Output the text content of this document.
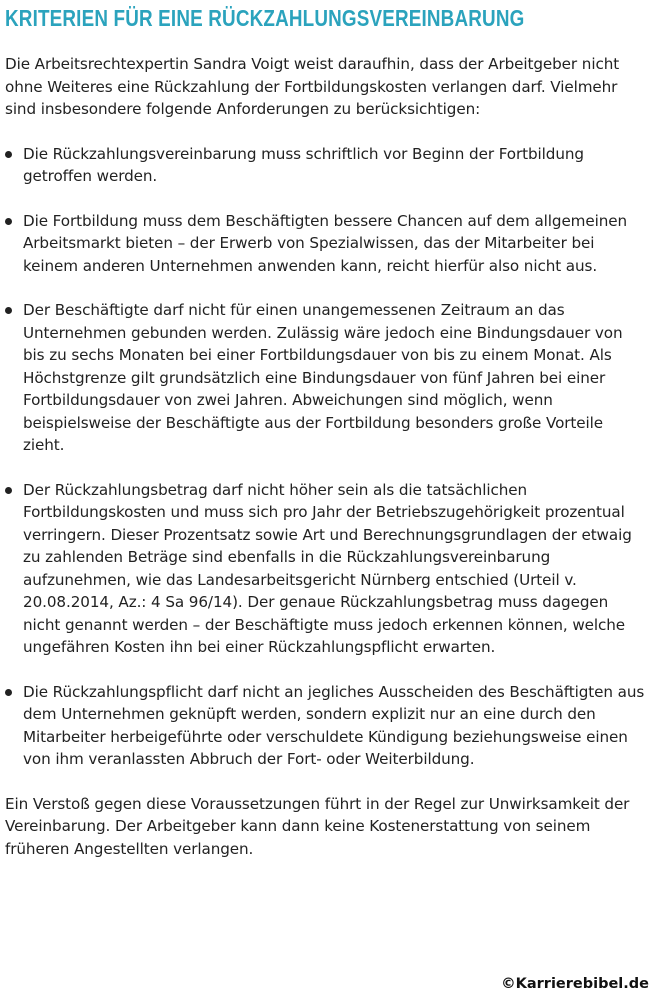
KRITERIEN FÜR EINE RÜCKZAHLUNGSVEREINBARUNG

Die Arbeitsrechtexpertin Sandra Voigt weist daraufhin, dass der Arbeitgeber nicht ohne Weiteres eine Rückzahlung der Fortbildungskosten verlangen darf. Vielmehr sind insbesondere folgende Anforderungen zu berücksichtigen:

Die Rückzahlungsvereinbarung muss schriftlich vor Beginn der Fortbildung getroffen werden.
Die Fortbildung muss dem Beschäftigten bessere Chancen auf dem allgemeinen Arbeitsmarkt bieten – der Erwerb von Spezialwissen, das der Mitarbeiter bei keinem anderen Unternehmen anwenden kann, reicht hierfür also nicht aus.
Der Beschäftigte darf nicht für einen unangemessenen Zeitraum an das Unternehmen gebunden werden. Zulässig wäre jedoch eine Bindungsdauer von bis zu sechs Monaten bei einer Fortbildungsdauer von bis zu einem Monat. Als Höchstgrenze gilt grundsätzlich eine Bindungsdauer von fünf Jahren bei einer Fortbildungsdauer von zwei Jahren. Abweichungen sind möglich, wenn beispielsweise der Beschäftigte aus der Fortbildung besonders große Vorteile zieht.
Der Rückzahlungsbetrag darf nicht höher sein als die tatsächlichen Fortbildungskosten und muss sich pro Jahr der Betriebszugehörigkeit prozentual verringern. Dieser Prozentsatz sowie Art und Berechnungsgrundlagen der etwaig zu zahlenden Beträge sind ebenfalls in die Rückzahlungsvereinbarung aufzunehmen, wie das Landesarbeitsgericht Nürnberg entschied (Urteil v. 20.08.2014, Az.: 4 Sa 96/14). Der genaue Rückzahlungsbetrag muss dagegen nicht genannt werden – der Beschäftigte muss jedoch erkennen können, welche ungefähren Kosten ihn bei einer Rückzahlungspflicht erwarten.
Die Rückzahlungspflicht darf nicht an jegliches Ausscheiden des Beschäftigten aus dem Unternehmen geknüpft werden, sondern explizit nur an eine durch den Mitarbeiter herbeigeführte oder verschuldete Kündigung beziehungsweise einen von ihm veranlassten Abbruch der Fort- oder Weiterbildung.

Ein Verstoß gegen diese Voraussetzungen führt in der Regel zur Unwirksamkeit der Vereinbarung. Der Arbeitgeber kann dann keine Kostenerstattung von seinem früheren Angestellten verlangen.

©Karrierebibel.de
